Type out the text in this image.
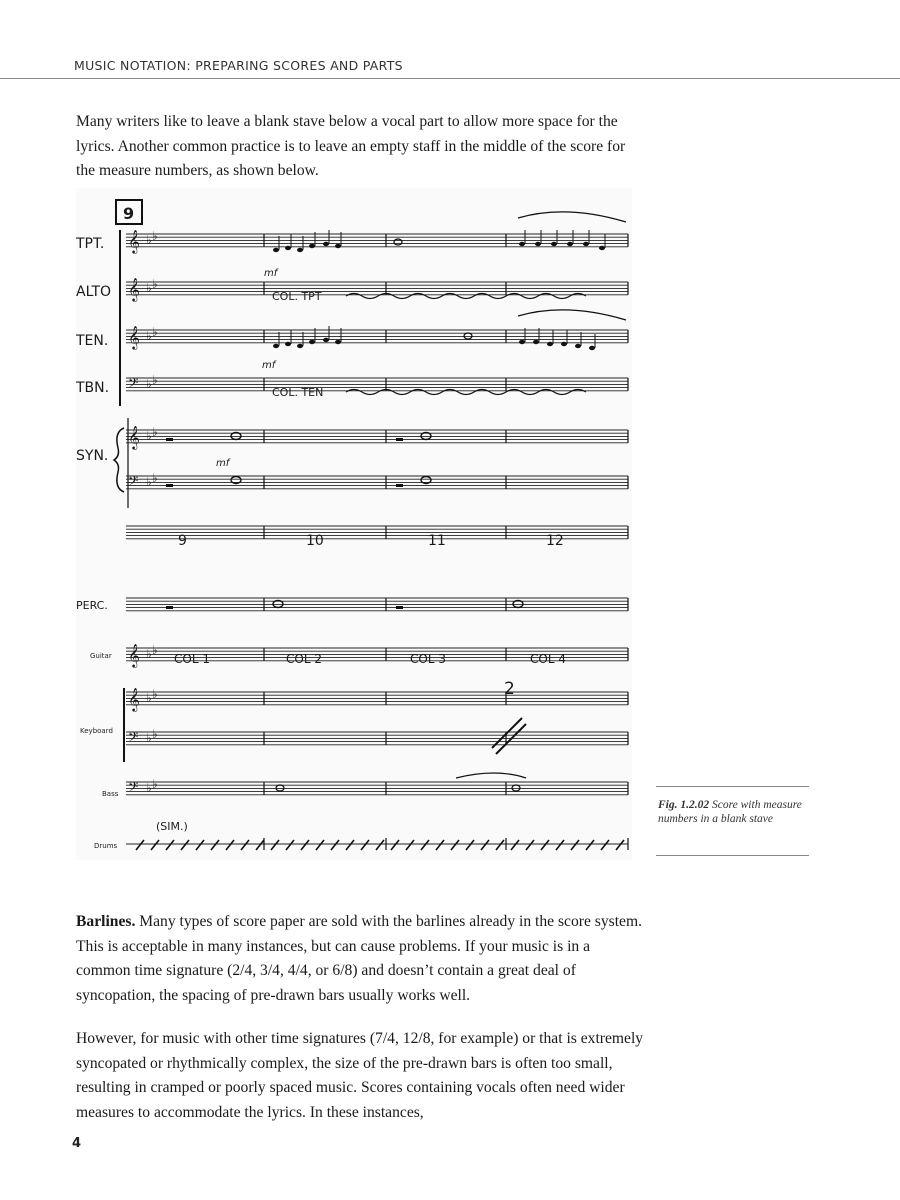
MUSIC NOTATION: PREPARING SCORES AND PARTS
Many writers like to leave a blank stave below a vocal part to allow more space for the lyrics. Another common practice is to leave an empty staff in the middle of the score for the measure numbers, as shown below.
9
TPT.
ALTO
TEN.
TBN.
SYN.
PERC.
Guitar
Keyboard
Bass
Drums
9	10	11	12
COL. TPT
COL. TEN
COL 1	COL 2	COL 3	COL 4
mf
mf
mf
2
(SIM.)
𝄞
𝄞
𝄞
𝄞
𝄞
𝄞
𝄢
𝄢
𝄢
𝄢
♭ ♭
♭ ♭
♭ ♭
♭ ♭
♭ ♭
♭ ♭
♭ ♭
♭ ♭
♭ ♭
♭ ♭
Fig. 1.2.02 Score with measure numbers in a blank stave
Barlines. Many types of score paper are sold with the barlines already in the score system. This is acceptable in many instances, but can cause problems. If your music is in a common time signature (2/4, 3/4, 4/4, or 6/8) and doesn’t contain a great deal of syncopation, the spacing of pre-drawn bars usually works well.
However, for music with other time signatures (7/4, 12/8, for example) or that is extremely syncopated or rhythmically complex, the size of the pre-drawn bars is often too small, resulting in cramped or poorly spaced music. Scores containing vocals often need wider measures to accommodate the lyrics. In these instances,
4
